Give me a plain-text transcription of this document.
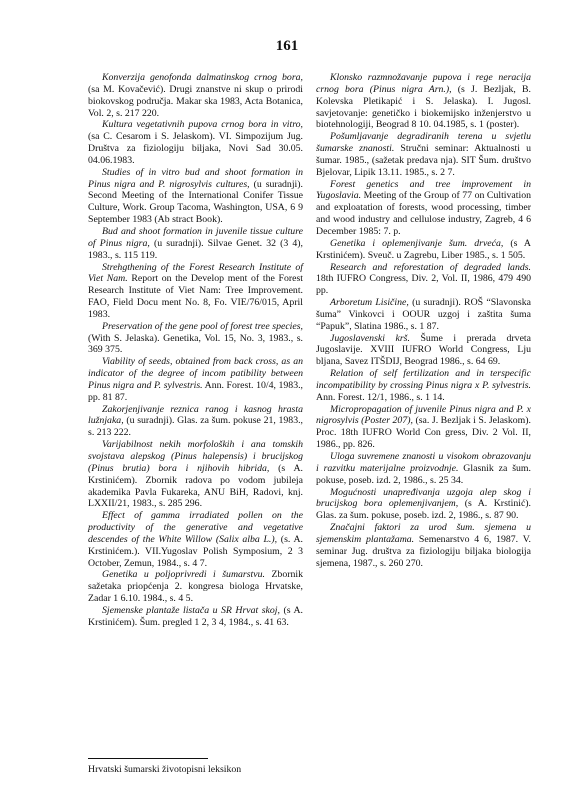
161

Konverzija genofonda dalmatinskog crnog bora, (sa M. Kovačević). Drugi znanstve ni skup o prirodi biokovskog područja. Makar ska 1983, Acta Botanica, Vol. 2, s. 217 220.

Kultura vegetativnih pupova crnog bora in vitro, (sa C. Cesarom i S. Jelaskom). VI. Simpozijum Jug. Društva za fiziologiju biljaka, Novi Sad 30.05. 04.06.1983.

Studies of in vitro bud and shoot formation in Pinus nigra and P. nigrosylvis cultures, (u suradnji). Second Meeting of the International Conifer Tissue Culture, Work. Group Tacoma, Washington, USA, 6 9 September 1983 (Ab stract Book).

Bud and shoot formation in juvenile tissue culture of Pinus nigra, (u suradnji). Silvae Genet. 32 (3 4), 1983., s. 115 119.

Strehgthening of the Forest Research Institute of Viet Nam. Report on the Develop ment of the Forest Research Institute of Viet Nam: Tree Improvement. FAO, Field Docu ment No. 8, Fo. VIE/76/015, April 1983.

Preservation of the gene pool of forest tree species, (With S. Jelaska). Genetika, Vol. 15, No. 3, 1983., s. 369 375.

Viability of seeds, obtained from back cross, as an indicator of the degree of incom patibility between Pinus nigra and P. sylvestris. Ann. Forest. 10/4, 1983., pp. 81 87.

Zakorjenjivanje reznica ranog i kasnog hrasta lužnjaka, (u suradnji). Glas. za šum. pokuse 21, 1983., s. 213 222.

Varijabilnost nekih morfoloških i ana tomskih svojstava alepskog (Pinus halepensis) i brucijskog (Pinus brutia) bora i njihovih hibrida, (s A. Krstinićem). Zbornik radova po vodom jubileja akademika Pavla Fukareka, ANU BiH, Radovi, knj. LXXII/21, 1983., s. 285 296.

Effect of gamma irradiated pollen on the productivity of the generative and vegetative descendes of the White Willow (Salix alba L.), (s. A. Krstinićem.). VII.Yugoslav Polish Symposium, 2 3 October, Zemun, 1984., s. 4 7.

Genetika u poljoprivredi i šumarstvu. Zbornik sažetaka priopćenja 2. kongresa biologa Hrvatske, Zadar 1 6.10. 1984., s. 4 5.

Sjemenske plantaže listača u SR Hrvat skoj, (s A. Krstinićem). Šum. pregled 1 2, 3 4, 1984., s. 41 63.

Klonsko razmnožavanje pupova i rege neracija crnog bora (Pinus nigra Arn.), (s J. Bezljak, B. Kolevska Pletikapić i S. Jelaska). I. Jugosl. savjetovanje: genetičko i biokemijsko inženjerstvo u biotehnologiji, Beograd 8 10. 04.1985, s. 1 (poster).

Pošumljavanje degradiranih terena u svjetlu šumarske znanosti. Stručni seminar: Aktualnosti u šumar. 1985., (sažetak predava nja). SIT Šum. društvo Bjelovar, Lipik 13.11. 1985., s. 2 7.

Forest genetics and tree improvement in Yugoslavia. Meeting of the Group of 77 on Cultivation and exploatation of forests, wood processing, timber and wood industry and cellulose industry, Zagreb, 4 6 December 1985: 7. p.

Genetika i oplemenjivanje šum. drveća, (s A Krstinićem). Sveuč. u Zagrebu, Liber 1985., s. 1 505.

Research and reforestation of degraded lands. 18th IUFRO Congress, Div. 2, Vol. II, 1986, 479 490 pp.

Arboretum Lisičine, (u suradnji). ROŠ “Slavonska šuma” Vinkovci i OOUR uzgoj i zaštita šuma “Papuk”, Slatina 1986., s. 1 87.

Jugoslavenski krš. Šume i prerada drveta Jugoslavije. XVIII IUFRO World Congress, Lju bljana, Savez ITŠDIJ, Beograd 1986., s. 64 69.

Relation of self fertilization and in terspecific incompatibility by crossing Pinus nigra x P. sylvestris. Ann. Forest. 12/1, 1986., s. 1 14.

Micropropagation of juvenile Pinus nigra and P. x nigrosylvis (Poster 207), (sa. J. Bezljak i S. Jelaskom). Proc. 18th IUFRO World Con gress, Div. 2 Vol. II, 1986., pp. 826.

Uloga suvremene znanosti u visokom obrazovanju i razvitku materijalne proizvodnje. Glasnik za šum. pokuse, poseb. izd. 2, 1986., s. 25 34.

Mogućnosti unapređivanja uzgoja alep skog i brucijskog bora oplemenjivanjem, (s A. Krstinić). Glas. za šum. pokuse, poseb. izd. 2, 1986., s. 87 90.

Značajni faktori za urod šum. sjemena u sjemenskim plantažama. Semenarstvo 4 6, 1987. V. seminar Jug. društva za fiziologiju biljaka biologija sjemena, 1987., s. 260 270.

Hrvatski šumarski životopisni leksikon
